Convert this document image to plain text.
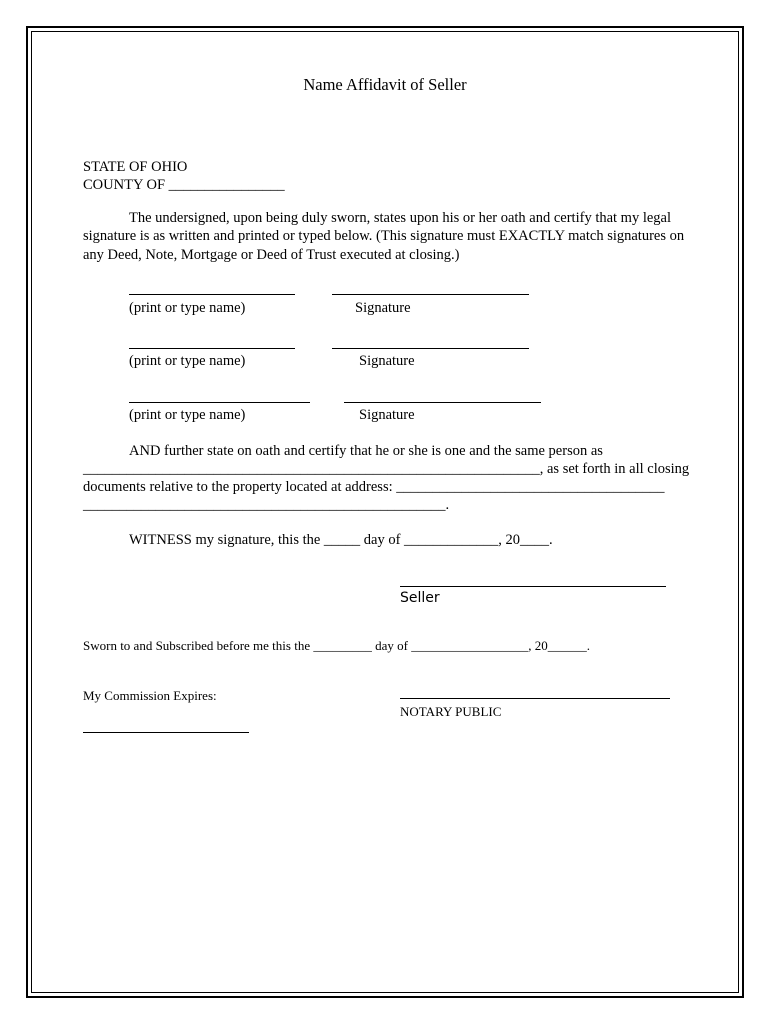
Name Affidavit of Seller
STATE OF OHIO
COUNTY OF ________________
The undersigned, upon being duly sworn, states upon his or her oath and certify that my legal signature is as written and printed or typed below. (This signature must EXACTLY match signatures on any Deed, Note, Mortgage or Deed of Trust executed at closing.)
(print or type name)	Signature
(print or type name)	Signature
(print or type name)	Signature
AND further state on oath and certify that he or she is one and the same person as
_______________________________________________________________, as set forth in all closing
documents relative to the property located at address: _____________________________________
__________________________________________________.
WITNESS my signature, this the _____ day of _____________, 20____.
Seller
Sworn to and Subscribed before me this the _________ day of __________________, 20______.
My Commission Expires:
NOTARY PUBLIC
